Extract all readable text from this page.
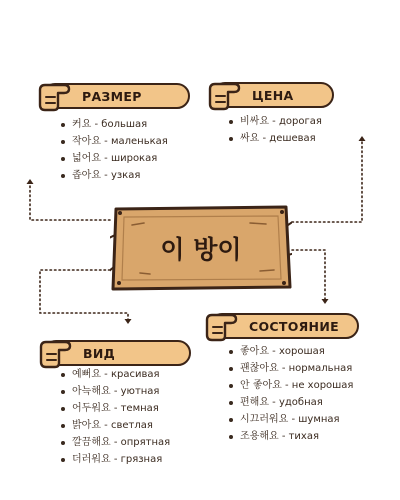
이 방이
РАЗМЕР
커요 - большая
작아요 - маленькая
넓어요 - широкая
좁아요 - узкая
ЦЕНА
비싸요 - дорогая
싸요 - дешевая
ВИД
예뻐요 - красивая
아늑해요 - уютная
어두워요 - темная
밝아요 - светлая
깔끔해요 - опрятная
더러워요 - грязная
СОСТОЯНИЕ
좋아요 - хорошая
괜찮아요 - нормальная
안 좋아요 - не хорошая
편해요 - удобная
시끄러워요 - шумная
조용해요 - тихая
